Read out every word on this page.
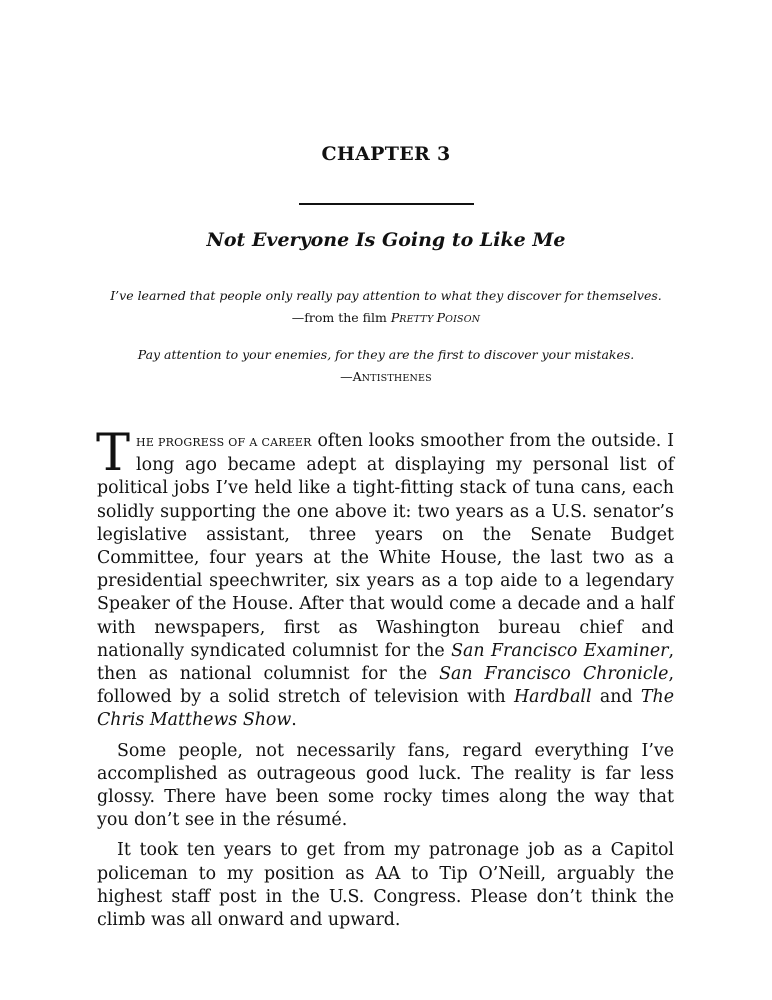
CHAPTER 3
Not Everyone Is Going to Like Me
I’ve learned that people only really pay attention to what they discover for themselves.
—from the film PRETTY POISON
Pay attention to your enemies, for they are the first to discover your mistakes.
—ANTISTHENES

THE PROGRESS OF A CAREER often looks smoother from the outside. I long ago became adept at displaying my personal list of political jobs I’ve held like a tight-fitting stack of tuna cans, each solidly supporting the one above it: two years as a U.S. senator’s legislative assistant, three years on the Senate Budget Committee, four years at the White House, the last two as a presidential speechwriter, six years as a top aide to a legendary Speaker of the House. After that would come a decade and a half with newspapers, first as Washington bureau chief and nationally syndicated columnist for the San Francisco Examiner, then as national columnist for the San Francisco Chronicle, followed by a solid stretch of television with Hardball and The Chris Matthews Show.

Some people, not necessarily fans, regard everything I’ve accomplished as outrageous good luck. The reality is far less glossy. There have been some rocky times along the way that you don’t see in the résumé.

It took ten years to get from my patronage job as a Capitol policeman to my position as AA to Tip O’Neill, arguably the highest staff post in the U.S. Congress. Please don’t think the climb was all onward and upward.
